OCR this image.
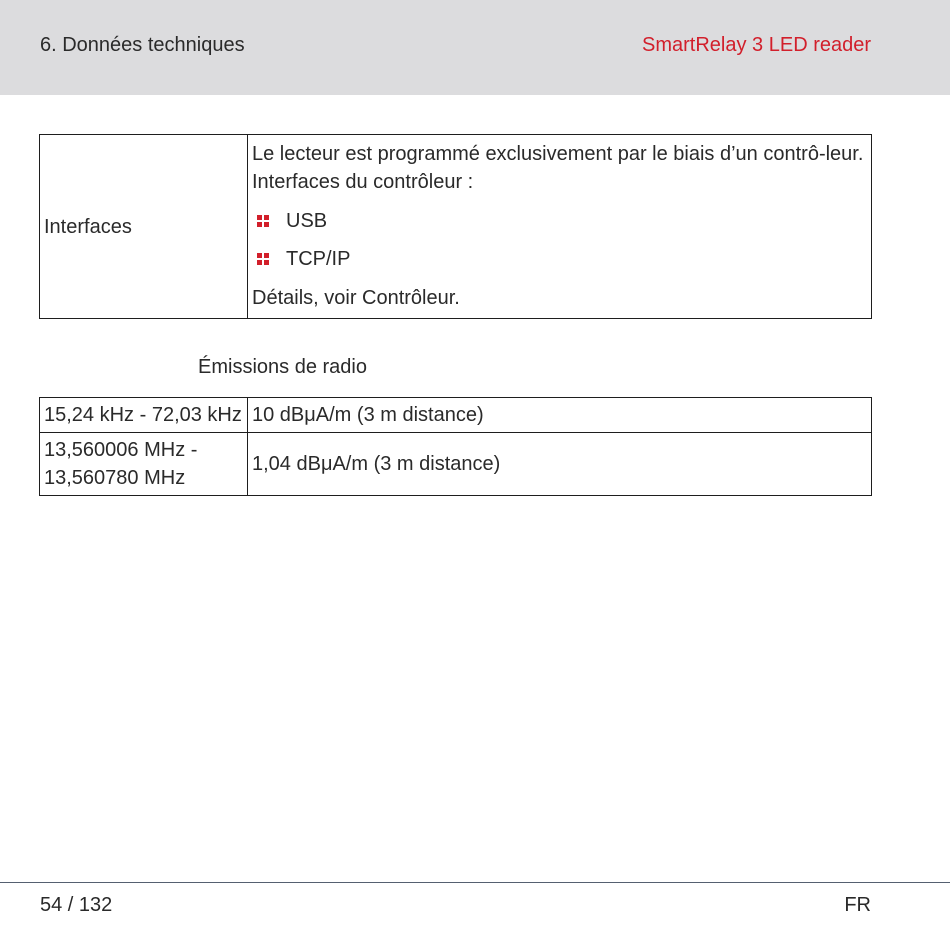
6. Données techniques	SmartRelay 3 LED reader
Interfaces	

Le lecteur est programmé exclusivement par le biais d’un contrô-leur. Interfaces du contrôleur :

USB
TCP/IP

Détails, voir Contrôleur.

Émissions de radio
15,24 kHz - 72,03 kHz	10 dBμA/m (3 m distance)
13,560006 MHz - 13,560780 MHz	1,04 dBμA/m (3 m distance)
54 / 132	FR
